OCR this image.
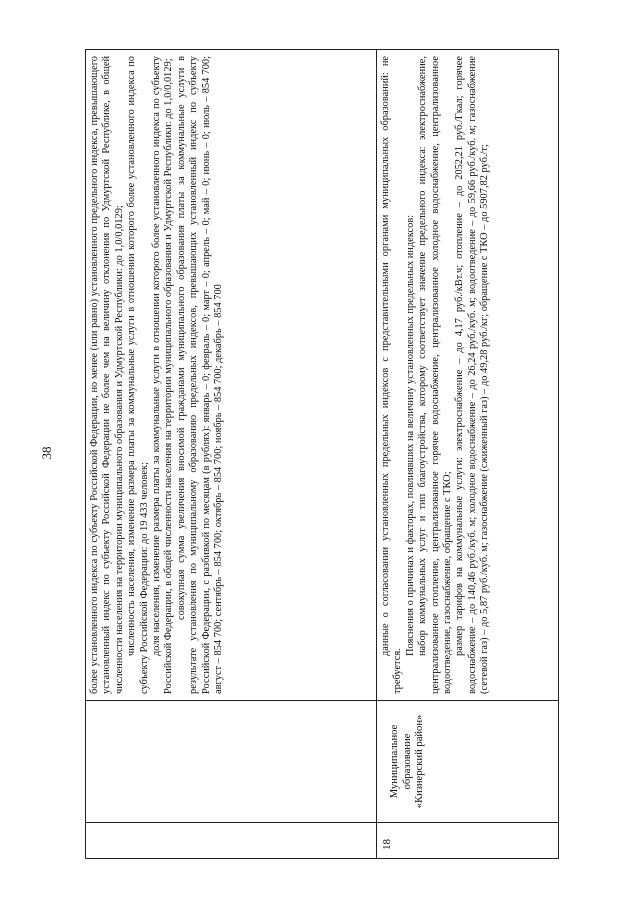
38	более установленного индекса по субъекту Российской Федерации, но менее (или равно) установленного предельного индекса, превышающего установленный индекс по субъекту Российской Федерации не более чем на величину отклонения по Удмуртской Республике, в общей численности населения на территории муниципального образования и Удмуртской Республики: до 1,0/0,0129; численность населения, изменение размера платы за коммунальные услуги в отношении которого более установленного индекса по субъекту Российской Федерации: до 19 433 человек; доля населения, изменение размера платы за коммунальные услуги в отношении которого более установленного индекса по субъекту Российской Федерации, в общей численности населения на территории муниципального образования и Удмуртской Республики: до 1,0/0,0129; совокупная сумма увеличения вносимой гражданами муниципального образования платы за коммунальные услуги в результате установления по муниципальному образованию предельных индексов, превышающих установленный индекс по субъекту Российской Федерации, с разбивкой по месяцам (в рублях): январь – 0; февраль – 0; март – 0; апрель – 0; май – 0; июнь – 0; июль – 854 700; август – 854 700; сентябрь – 854 700; октябрь – 854 700; ноябрь – 854 700; декабрь – 854 700

18
Муниципальное образование «Кизнерский район»

данные о согласовании установленных предельных индексов с представительными органами муниципальных образований: не требуется.

Пояснения о причинах и факторах, повлиявших на величину установленных предельных индексов: набор коммунальных услуг и тип благоустройства, которому соответствует значение предельного индекса: электроснабжение, централизованное отопление, централизованное горячее водоснабжение, централизованное холодное водоснабжение, централизованное водоотведение, газоснабжение, обращение с ТКО; размер тарифов на коммунальные услуги: электроснабжение – до 4,17 руб./кВт.ч; отопление – до 2052,21 руб./Гкал; горячее водоснабжение – до 140,46 руб./куб. м; холодное водоснабжение – до 26,24 руб./куб. м; водоотведение – до 59,66 руб./куб. м; газоснабжение (сетевой газ) – до 5,87 руб./куб. м; газоснабжение (сжиженный газ) – до 49,28 руб./кг; обращение с ТКО – до 5907,82 руб./т;
